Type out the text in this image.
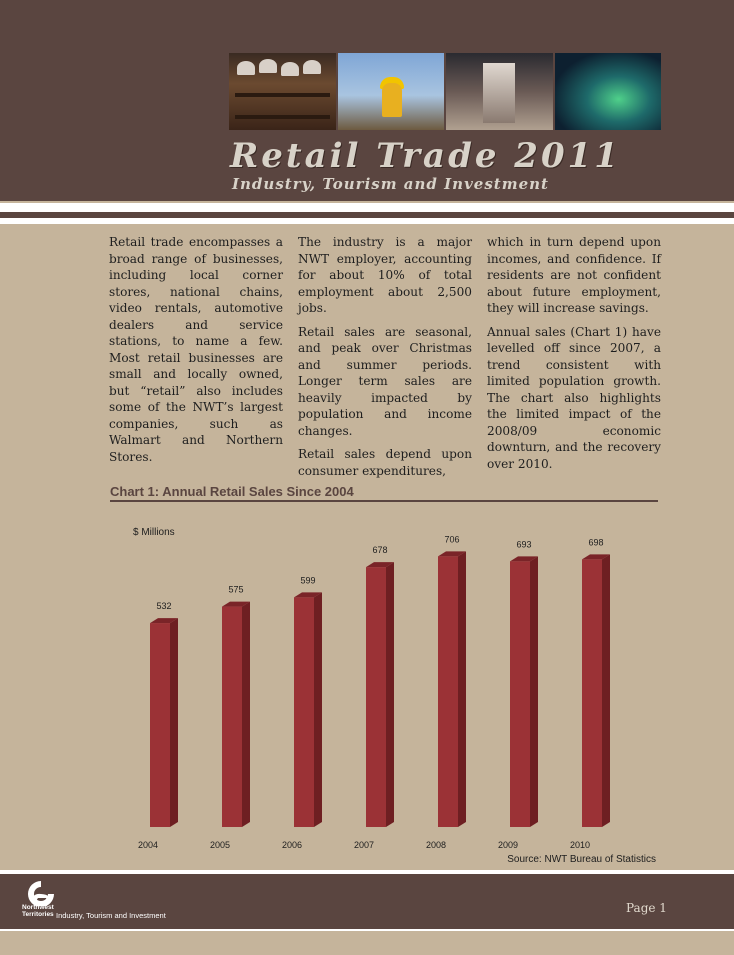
Retail Trade 2011
Industry, Tourism and Investment

Retail trade encompasses a broad range of businesses, including local corner stores, national chains, video rentals, automotive dealers and service stations, to name a few. Most retail businesses are small and locally owned, but “retail” also includes some of the NWT’s largest companies, such as Walmart and Northern Stores.

The industry is a major NWT employer, accounting for about 10% of total employment about 2,500 jobs.

Retail sales are seasonal, and peak over Christmas and summer periods. Longer term sales are heavily impacted by population and income changes.

Retail sales depend upon consumer expenditures,

which in turn depend upon incomes, and confidence. If residents are not confident about future employment, they will increase savings.

Annual sales (Chart 1) have levelled off since 2007, a trend consistent with limited population growth. The chart also highlights the limited impact of the 2008/09 economic downturn, and the recovery over 2010.

Chart 1: Annual Retail Sales Since 2004
$ Millions
532
2004
575
2005
599
2006
678
2007
706
2008
693
2009
698
2010
Source: NWT Bureau of Statistics
Northwest
Territories Industry, Tourism and Investment
Page 1
